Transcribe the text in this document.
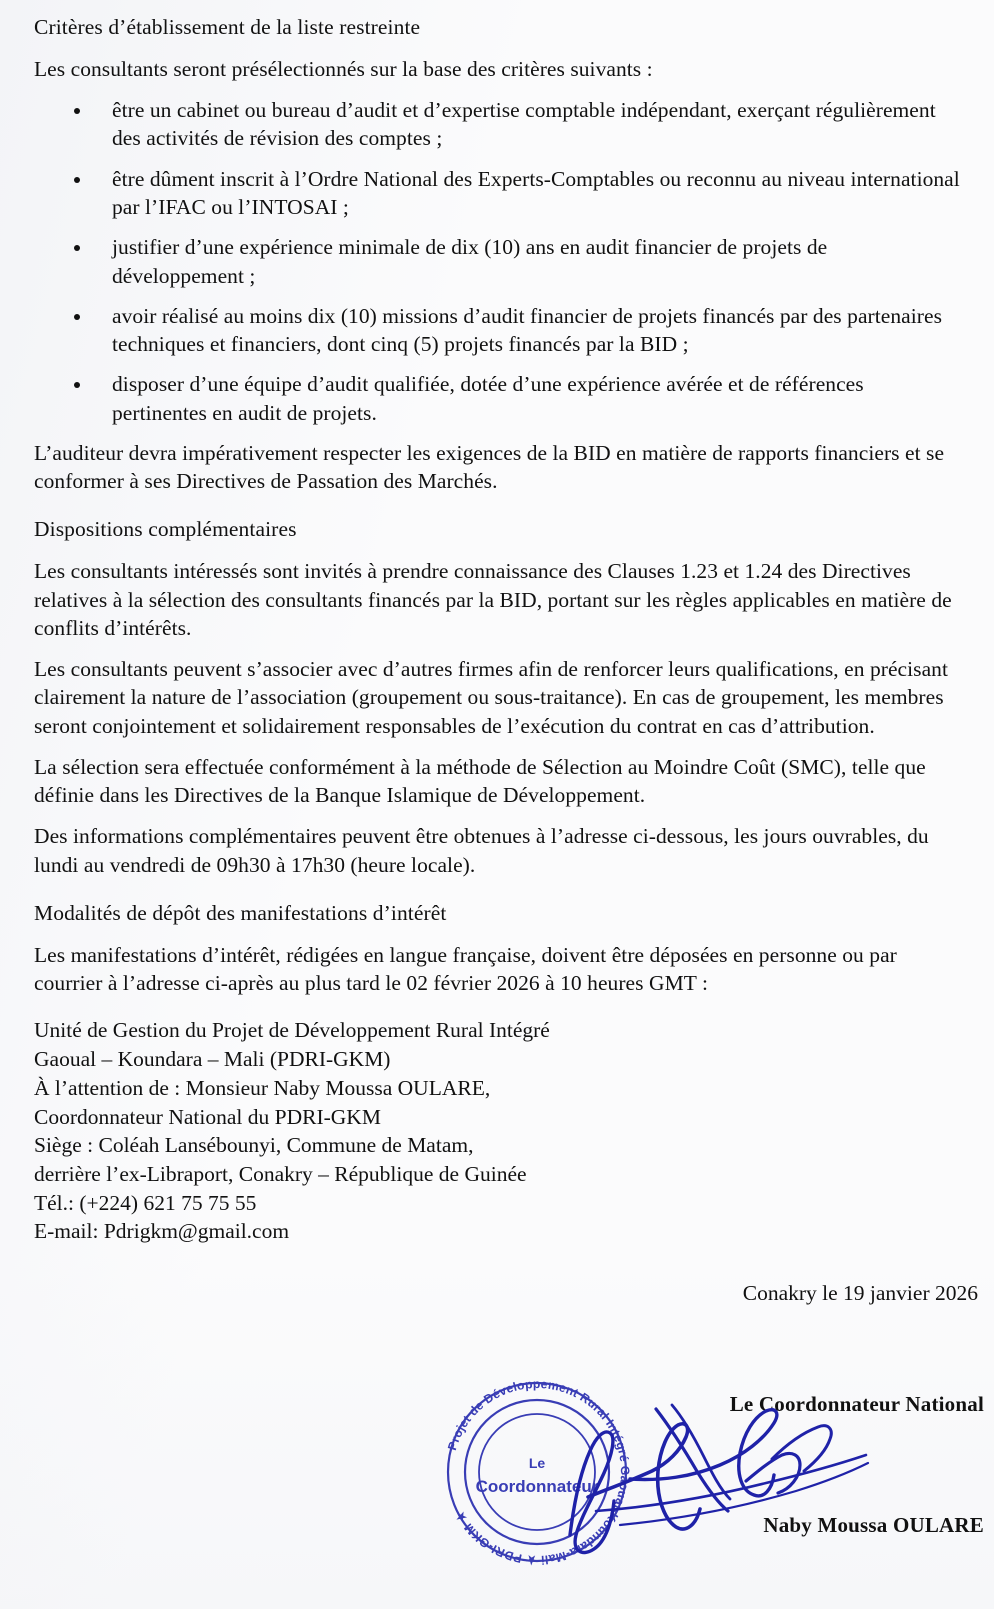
Critères d’établissement de la liste restreinte
Les consultants seront présélectionnés sur la base des critères suivants :
être un cabinet ou bureau d’audit et d’expertise comptable indépendant, exerçant régulièrement des activités de révision des comptes ;
être dûment inscrit à l’Ordre National des Experts-Comptables ou reconnu au niveau international par l’IFAC ou l’INTOSAI ;
justifier d’une expérience minimale de dix (10) ans en audit financier de projets de développement ;
avoir réalisé au moins dix (10) missions d’audit financier de projets financés par des partenaires techniques et financiers, dont cinq (5) projets financés par la BID ;
disposer d’une équipe d’audit qualifiée, dotée d’une expérience avérée et de références pertinentes en audit de projets.
L’auditeur devra impérativement respecter les exigences de la BID en matière de rapports financiers et se conformer à ses Directives de Passation des Marchés.
Dispositions complémentaires
Les consultants intéressés sont invités à prendre connaissance des Clauses 1.23 et 1.24 des Directives relatives à la sélection des consultants financés par la BID, portant sur les règles applicables en matière de conflits d’intérêts.
Les consultants peuvent s’associer avec d’autres firmes afin de renforcer leurs qualifications, en précisant clairement la nature de l’association (groupement ou sous-traitance). En cas de groupement, les membres seront conjointement et solidairement responsables de l’exécution du contrat en cas d’attribution.
La sélection sera effectuée conformément à la méthode de Sélection au Moindre Coût (SMC), telle que définie dans les Directives de la Banque Islamique de Développement.
Des informations complémentaires peuvent être obtenues à l’adresse ci-dessous, les jours ouvrables, du lundi au vendredi de 09h30 à 17h30 (heure locale).
Modalités de dépôt des manifestations d’intérêt
Les manifestations d’intérêt, rédigées en langue française, doivent être déposées en personne ou par courrier à l’adresse ci-après au plus tard le 02 février 2026 à 10 heures GMT :
Unité de Gestion du Projet de Développement Rural Intégré
Gaoual – Koundara – Mali (PDRI-GKM)
À l’attention de : Monsieur Naby Moussa OULARE,
Coordonnateur National du PDRI-GKM
Siège : Coléah Lansébounyi, Commune de Matam,
derrière l’ex-Libraport, Conakry – République de Guinée
Tél.: (+224) 621 75 75 55
E-mail: Pdrigkm@gmail.com
Conakry le 19 janvier 2026
Le Coordonnateur National
Naby Moussa OULARE
Projet de Développement Rural Intégré Gaoual-Koundara-Mali ★ PDRI-GKM ★
Le
Coordonnateur
